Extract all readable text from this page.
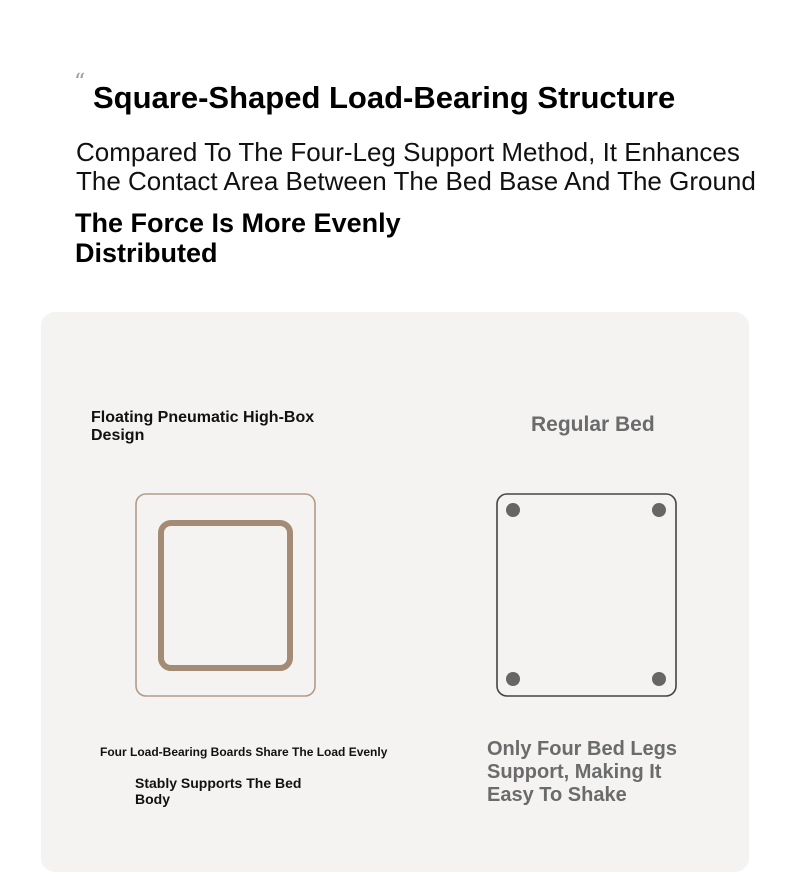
“ Square-Shaped Load-Bearing Structure
Compared To The Four-Leg Support Method, It Enhances
The Contact Area Between The Bed Base And The Ground
The Force Is More Evenly
Distributed
Floating Pneumatic High-Box Design	Regular Bed
Four Load-Bearing Boards Share The Load Evenly
Stably Supports The Bed Body
Only Four Bed Legs Support, Making It Easy To Shake
